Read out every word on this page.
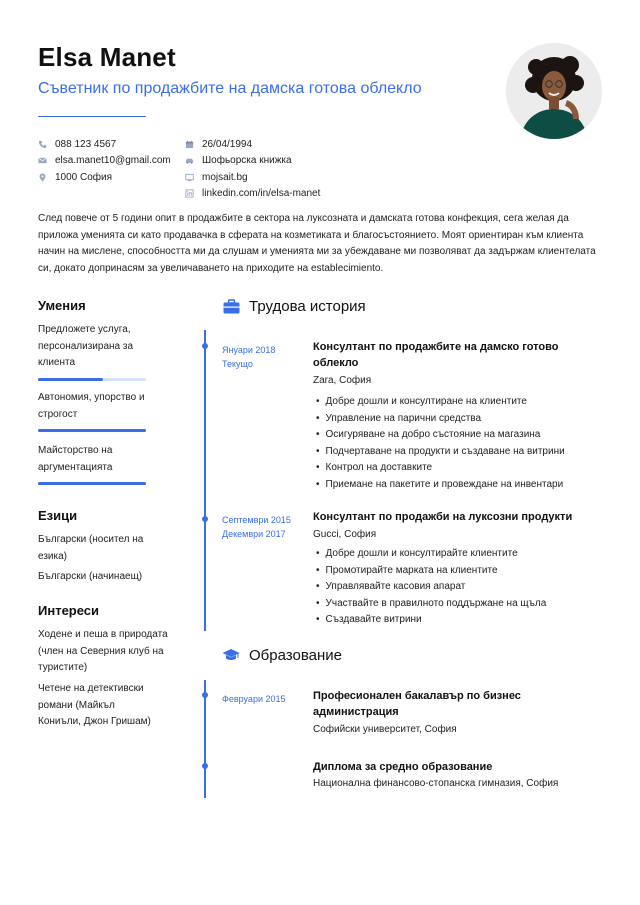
Elsa Manet
Съветник по продажбите на дамска готова облекло
088 123 4567
elsa.manet10@gmail.com
1000 София
26/04/1994
Шофьорска книжка
mojsait.bg
linkedin.com/in/elsa-manet
След повече от 5 години опит в продажбите в сектора на луксозната и дамската готова конфекция, сега желая да приложа уменията си като продавачка в сферата на козметиката и благосъстоянието. Моят ориентиран към клиента начин на мислене, способността ми да слушам и уменията ми за убеждаване ми позволяват да задържам клиентелата си, докато допринасям за увеличаването на приходите на establecimiento.
Умения
Предложете услуга, персонализирана за клиента
Автономия, упорство и строгост
Майсторство на аргументацията
Езици
Български (носител на езика)
Български (начинаещ)
Интереси
Ходене и пеша в природата (член на Северния клуб на туристите)
Четене на детективски романи (Майкъл Кониъли, Джон Гришам)
Трудова история
Януари 2018
Текущо
Консултант по продажбите на дамско готово облекло
Zara, София
• Добре дошли и консултиране на клиентите
• Управление на парични средства
• Осигуряване на добро състояние на магазина
• Подчертаване на продукти и създаване на витрини
• Контрол на доставките
• Приемане на пакетите и провеждане на инвентари
Септември 2015
Декември 2017
Консултант по продажби на луксозни продукти
Gucci, София
• Добре дошли и консултирайте клиентите
• Промотирайте марката на клиентите
• Управлявайте касовия апарат
• Участвайте в правилното поддържане на щъла
• Създавайте витрини
Образование
Февруари 2015	Професионален бакалавър по бизнес администрация
Софийски университет, София
Диплома за средно образование
Национална финансово-стопанска гимназия, София
